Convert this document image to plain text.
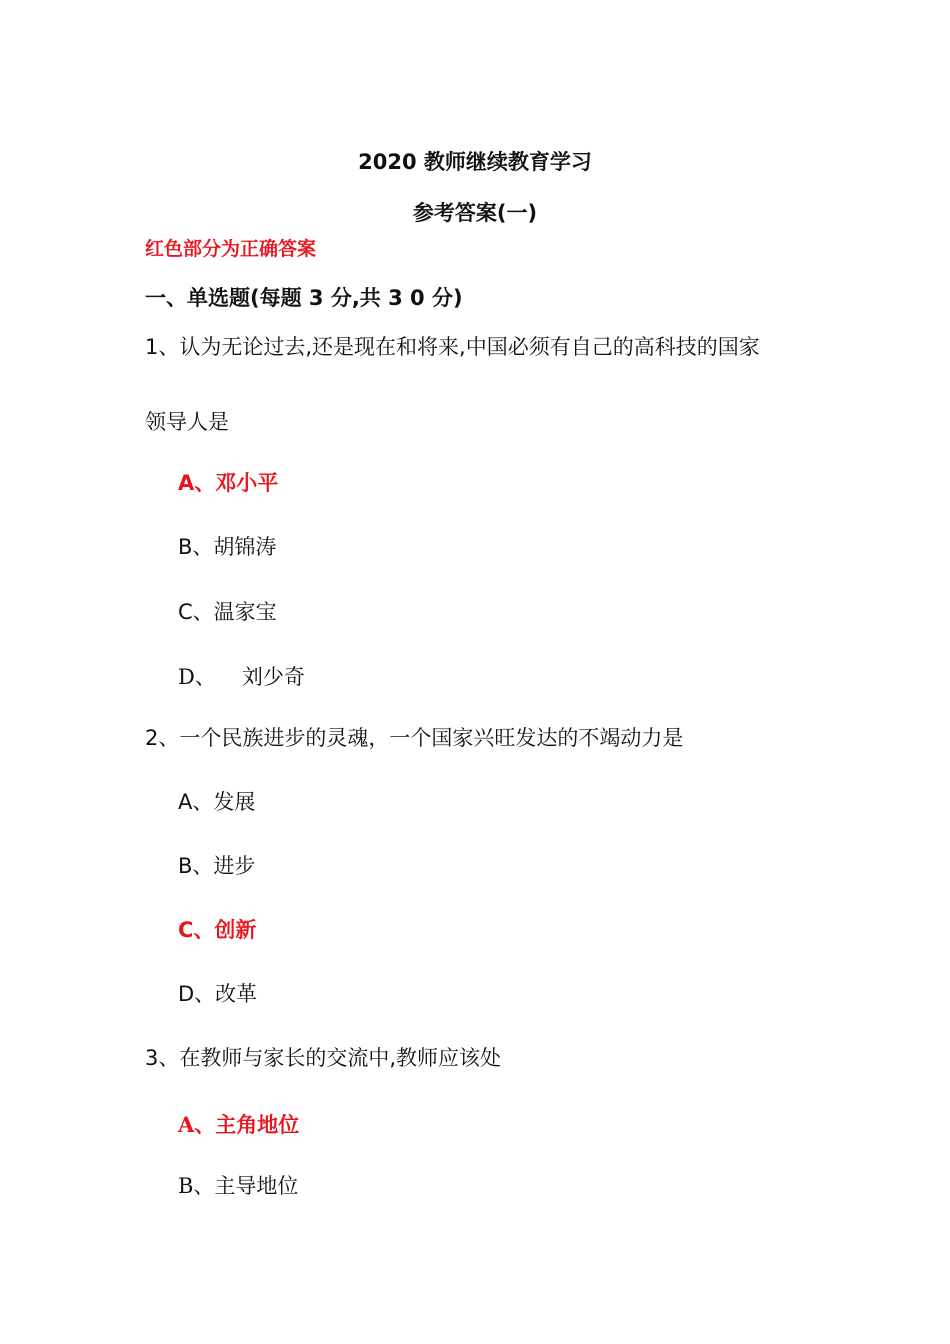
2020 教师继续教育学习
参考答案(一)
红色部分为正确答案
一、单选题(每题 3 分,共 3 0 分)
1、认为无论过去,还是现在和将来,中国必须有自己的高科技的国家
领导人是
A、邓小平
B、胡锦涛
C、温家宝
D、 刘少奇
2、一个民族进步的灵魂，一个国家兴旺发达的不竭动力是
A、发展
B、进步
C、创新
D、改革
3、在教师与家长的交流中,教师应该处
A、主角地位
B、主导地位
